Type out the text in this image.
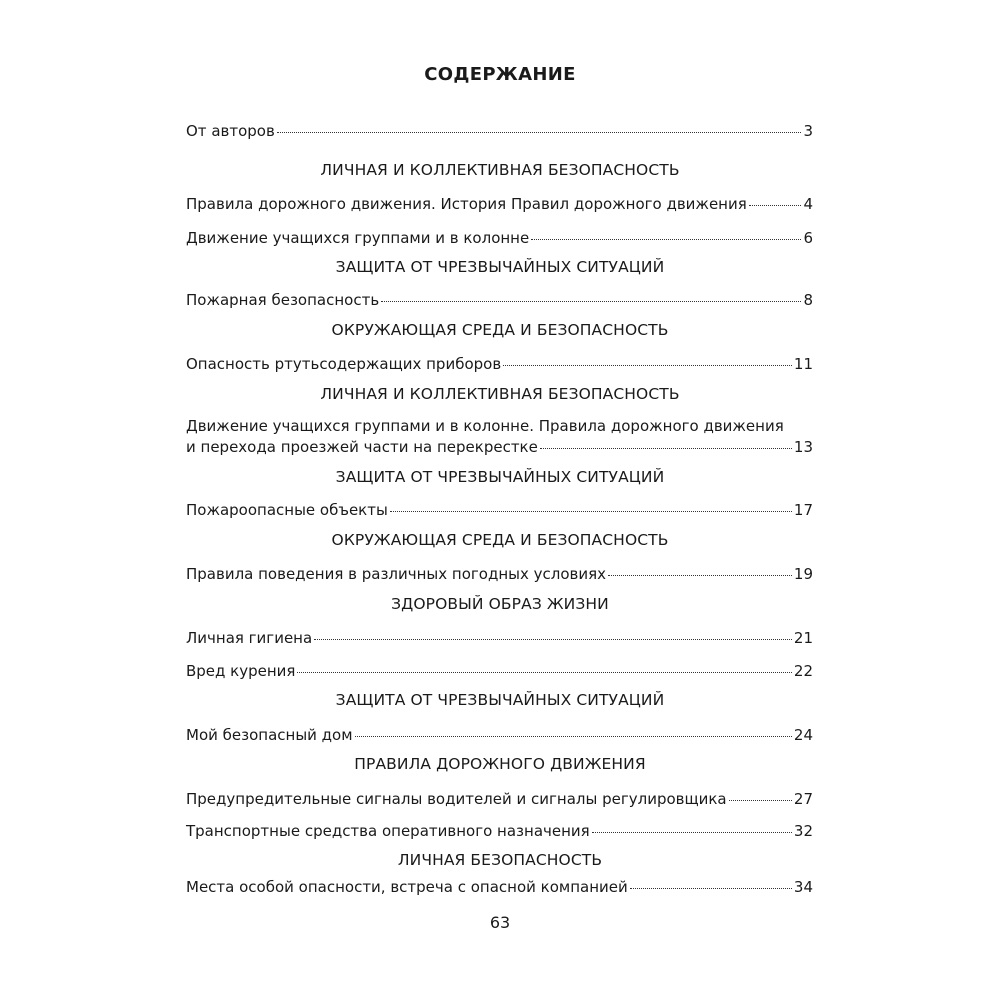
СОДЕРЖАНИЕ
От авторов	3
ЛИЧНАЯ И КОЛЛЕКТИВНАЯ БЕЗОПАСНОСТЬ
Правила дорожного движения. История Правил дорожного движения	4
Движение учащихся группами и в колонне	6
ЗАЩИТА ОТ ЧРЕЗВЫЧАЙНЫХ СИТУАЦИЙ
Пожарная безопасность	8
ОКРУЖАЮЩАЯ СРЕДА И БЕЗОПАСНОСТЬ
Опасность ртутьсодержащих приборов	11
ЛИЧНАЯ И КОЛЛЕКТИВНАЯ БЕЗОПАСНОСТЬ
Движение учащихся группами и в колонне. Правила дорожного движения
и перехода проезжей части на перекрестке	13
ЗАЩИТА ОТ ЧРЕЗВЫЧАЙНЫХ СИТУАЦИЙ
Пожароопасные объекты	17
ОКРУЖАЮЩАЯ СРЕДА И БЕЗОПАСНОСТЬ
Правила поведения в различных погодных условиях	19
ЗДОРОВЫЙ ОБРАЗ ЖИЗНИ
Личная гигиена	21
Вред курения	22
ЗАЩИТА ОТ ЧРЕЗВЫЧАЙНЫХ СИТУАЦИЙ
Мой безопасный дом	24
ПРАВИЛА ДОРОЖНОГО ДВИЖЕНИЯ
Предупредительные сигналы водителей и сигналы регулировщика	27
Транспортные средства оперативного назначения	32
ЛИЧНАЯ БЕЗОПАСНОСТЬ
Места особой опасности, встреча с опасной компанией	34
63
